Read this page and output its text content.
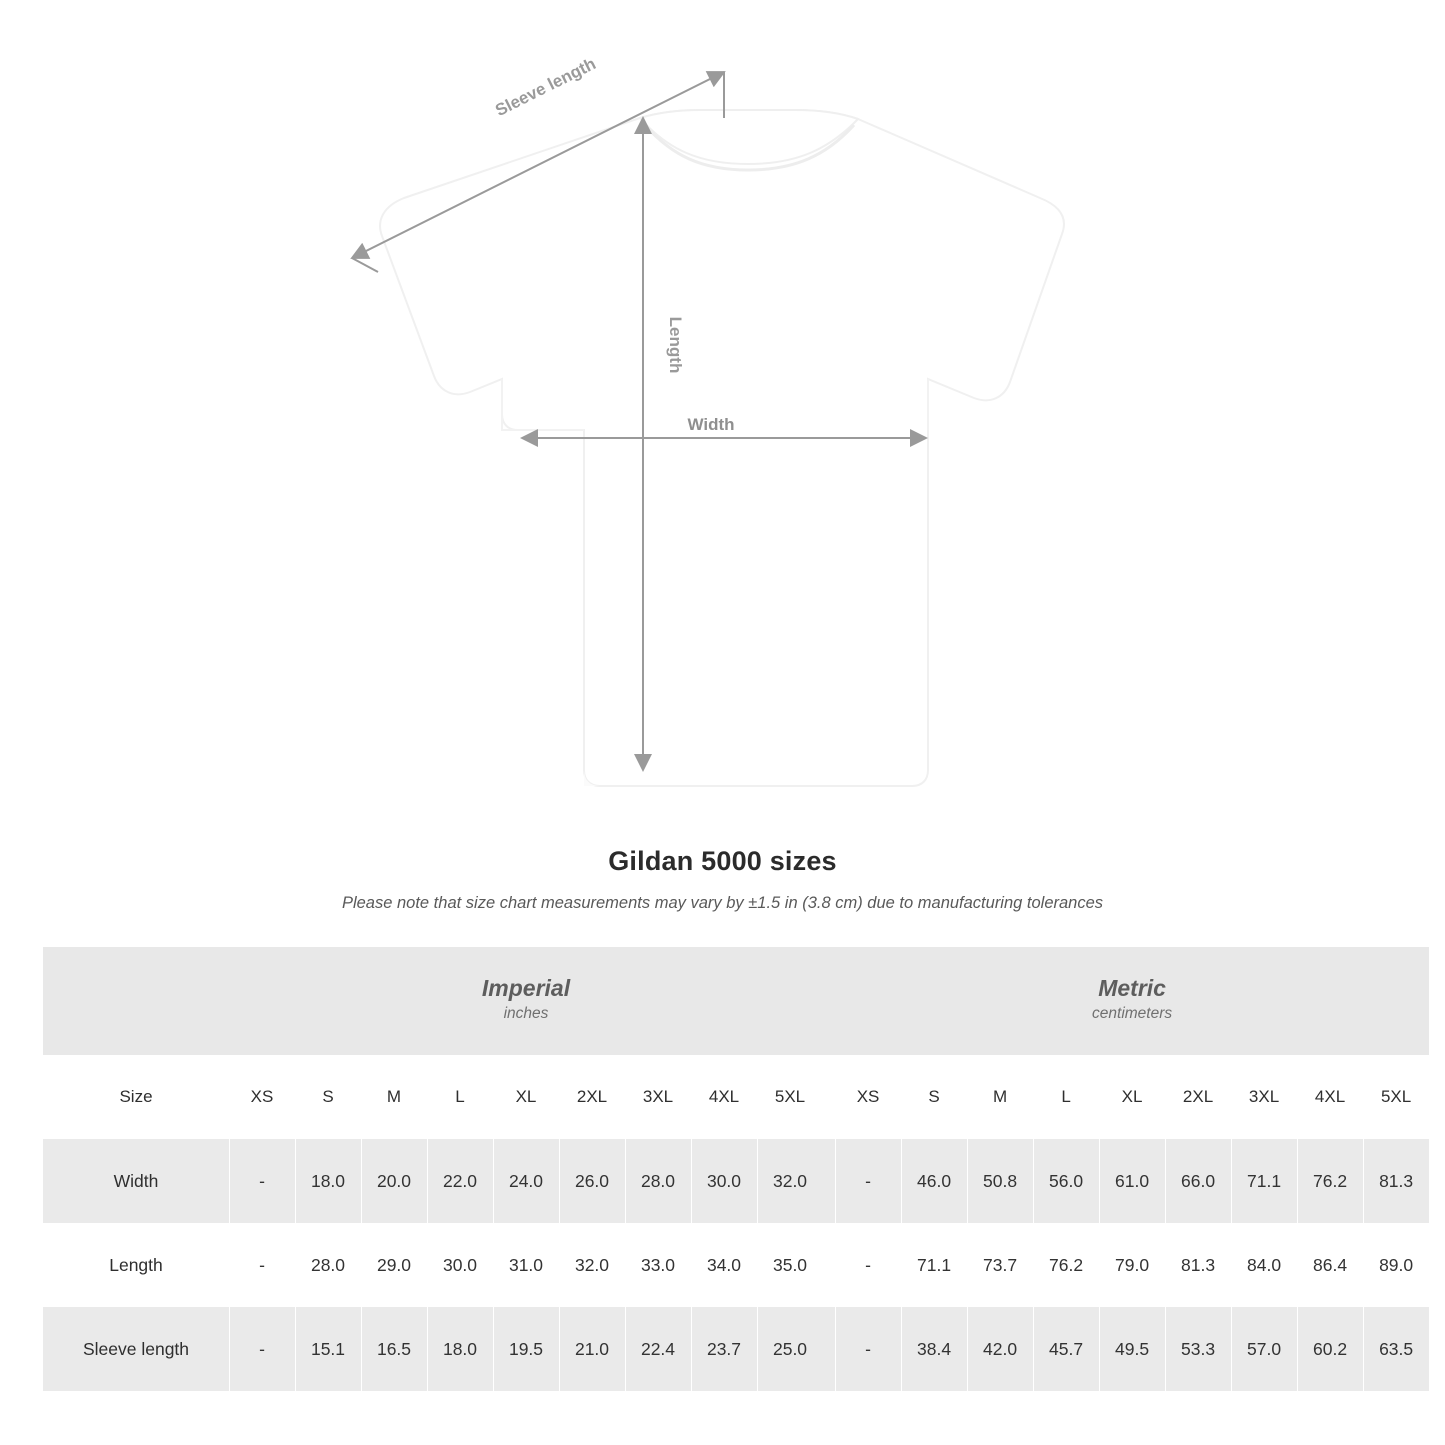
Length
Width
Sleeve length
Gildan 5000 sizes
Please note that size chart measurements may vary by ±1.5 in (3.8 cm) due to manufacturing tolerances

Imperial
inches

Metric
centimeters

Size	XS	S	M	L	XL	2XL	3XL	4XL	5XL		XS	S	M	L	XL	2XL	3XL	4XL	5XL
Width	-	18.0	20.0	22.0	24.0	26.0	28.0	30.0	32.0		-	46.0	50.8	56.0	61.0	66.0	71.1	76.2	81.3
Length	-	28.0	29.0	30.0	31.0	32.0	33.0	34.0	35.0		-	71.1	73.7	76.2	79.0	81.3	84.0	86.4	89.0
Sleeve length	-	15.1	16.5	18.0	19.5	21.0	22.4	23.7	25.0		-	38.4	42.0	45.7	49.5	53.3	57.0	60.2	63.5
